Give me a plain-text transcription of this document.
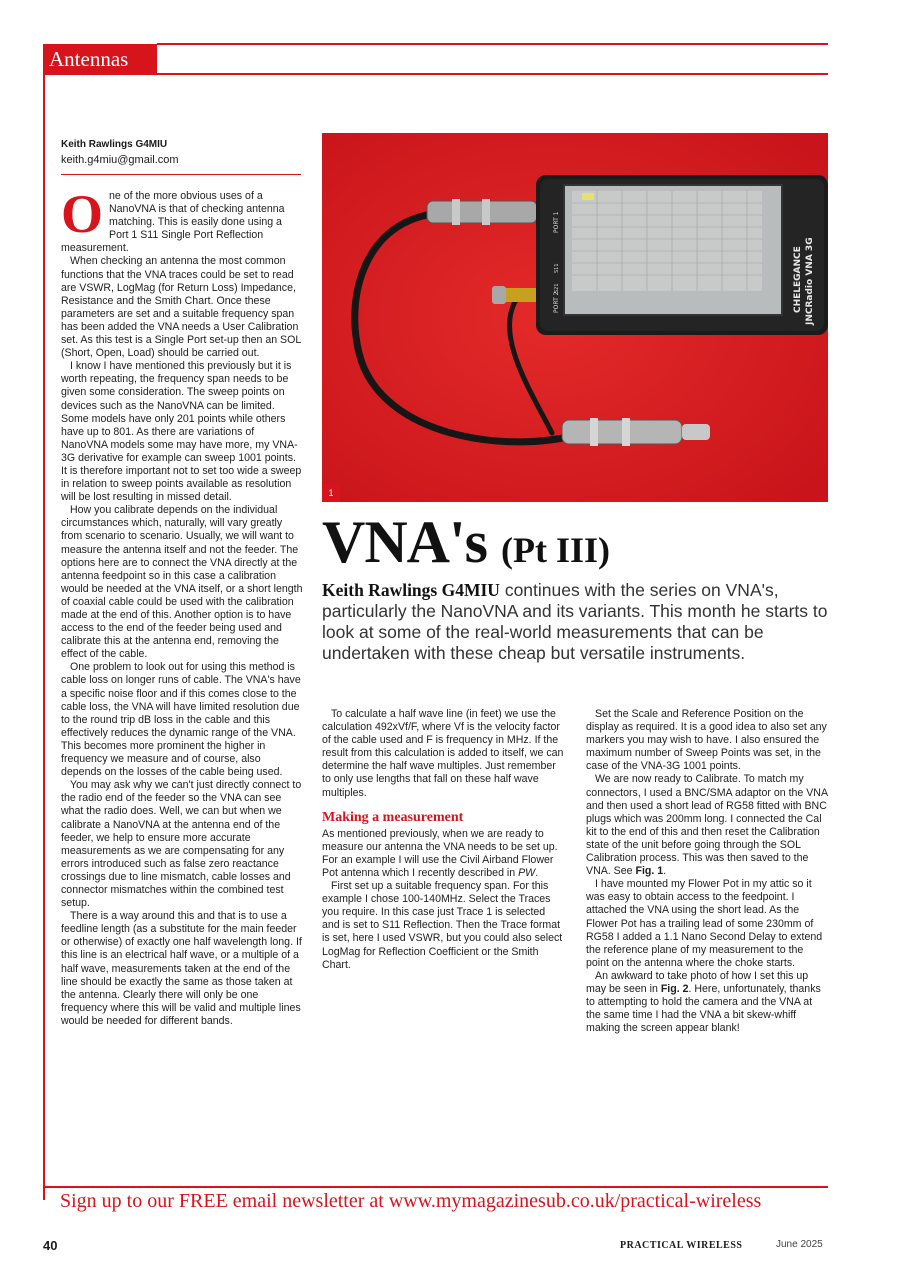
Antennas
Keith Rawlings G4MIU
keith.g4miu@gmail.com
PORT 1
PORT 2
S11
S21	CHELEGANCE JNCRadio VNA 3G
1
VNA's (Pt III)
Keith Rawlings G4MIU continues with the series on VNA's, particularly the NanoVNA and its variants. This month he starts to look at some of the real-world measurements that can be undertaken with these cheap but versatile instruments.

One of the more obvious uses of a NanoVNA is that of checking antenna matching. This is easily done using a Port 1 S11 Single Port Reflection measurement.

When checking an antenna the most common functions that the VNA traces could be set to read are VSWR, LogMag (for Return Loss) Impedance, Resistance and the Smith Chart. Once these parameters are set and a suitable frequency span has been added the VNA needs a User Calibration set. As this test is a Single Port set-up then an SOL (Short, Open, Load) should be carried out.

I know I have mentioned this previously but it is worth repeating, the frequency span needs to be given some consideration. The sweep points on devices such as the NanoVNA can be limited. Some models have only 201 points while others have up to 801. As there are variations of NanoVNA models some may have more, my VNA-3G derivative for example can sweep 1001 points. It is therefore important not to set too wide a sweep in relation to sweep points available as resolution will be lost resulting in missed detail.

How you calibrate depends on the individual circumstances which, naturally, will vary greatly from scenario to scenario. Usually, we will want to measure the antenna itself and not the feeder. The options here are to connect the VNA directly at the antenna feedpoint so in this case a calibration would be needed at the VNA itself, or a short length of coaxial cable could be used with the calibration made at the end of this. Another option is to have access to the end of the feeder being used and calibrate this at the antenna end, removing the effect of the cable.

One problem to look out for using this method is cable loss on longer runs of cable. The VNA's have a specific noise floor and if this comes close to the cable loss, the VNA will have limited resolution due to the round trip dB loss in the cable and this effectively reduces the dynamic range of the VNA. This becomes more prominent the higher in frequency we measure and of course, also depends on the losses of the cable being used.

You may ask why we can't just directly connect to the radio end of the feeder so the VNA can see what the radio does. Well, we can but when we calibrate a NanoVNA at the antenna end of the feeder, we help to ensure more accurate measurements as we are compensating for any errors introduced such as false zero reactance crossings due to line mismatch, cable losses and connector mismatches within the combined test setup.

There is a way around this and that is to use a feedline length (as a substitute for the main feeder or otherwise) of exactly one half wavelength long. If this line is an electrical half wave, or a multiple of a half wave, measurements taken at the end of the line should be exactly the same as those taken at the antenna. Clearly there will only be one frequency where this will be valid and multiple lines would be needed for different bands.

To calculate a half wave line (in feet) we use the calculation 492xVf/F, where Vf is the velocity factor of the cable used and F is frequency in MHz. If the result from this calculation is added to itself, we can determine the half wave multiples. Just remember to only use lengths that fall on these half wave multiples.

Making a measurement

As mentioned previously, when we are ready to measure our antenna the VNA needs to be set up. For an example I will use the Civil Airband Flower Pot antenna which I recently described in PW.

First set up a suitable frequency span. For this example I chose 100-140MHz. Select the Traces you require. In this case just Trace 1 is selected and is set to S11 Reflection. Then the Trace format is set, here I used VSWR, but you could also select LogMag for Reflection Coefficient or the Smith Chart.

Set the Scale and Reference Position on the display as required. It is a good idea to also set any markers you may wish to have. I also ensured the maximum number of Sweep Points was set, in the case of the VNA-3G 1001 points.

We are now ready to Calibrate. To match my connectors, I used a BNC/SMA adaptor on the VNA and then used a short lead of RG58 fitted with BNC plugs which was 200mm long. I connected the Cal kit to the end of this and then reset the Calibration state of the unit before going through the SOL Calibration process. This was then saved to the VNA. See Fig. 1.

I have mounted my Flower Pot in my attic so it was easy to obtain access to the feedpoint. I attached the VNA using the short lead. As the Flower Pot has a trailing lead of some 230mm of RG58 I added a 1.1 Nano Second Delay to extend the reference plane of my measurement to the point on the antenna where the choke starts.

An awkward to take photo of how I set this up may be seen in Fig. 2. Here, unfortunately, thanks to attempting to hold the camera and the VNA at the same time I had the VNA a bit skew-whiff making the screen appear blank!

Sign up to our FREE email newsletter at www.mymagazinesub.co.uk/practical-wireless
40	PRACTICAL WIRELESS	June 2025
